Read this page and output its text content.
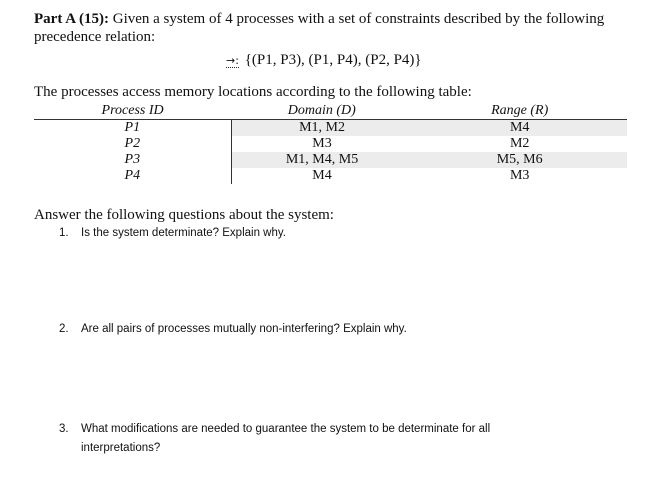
Part A (15): Given a system of 4 processes with a set of constraints described by the following precedence relation:
→: {(P1, P3), (P1, P4), (P2, P4)}
The processes access memory locations according to the following table:
Process ID	Domain (D)	Range (R)
P1	M1, M2	M4
P2	M3	M2
P3	M1, M4, M5	M5, M6
P4	M4	M3
Answer the following questions about the system:
1. Is the system determinate? Explain why.
2. Are all pairs of processes mutually non-interfering? Explain why.
3. What modifications are needed to guarantee the system to be determinate for all interpretations?
